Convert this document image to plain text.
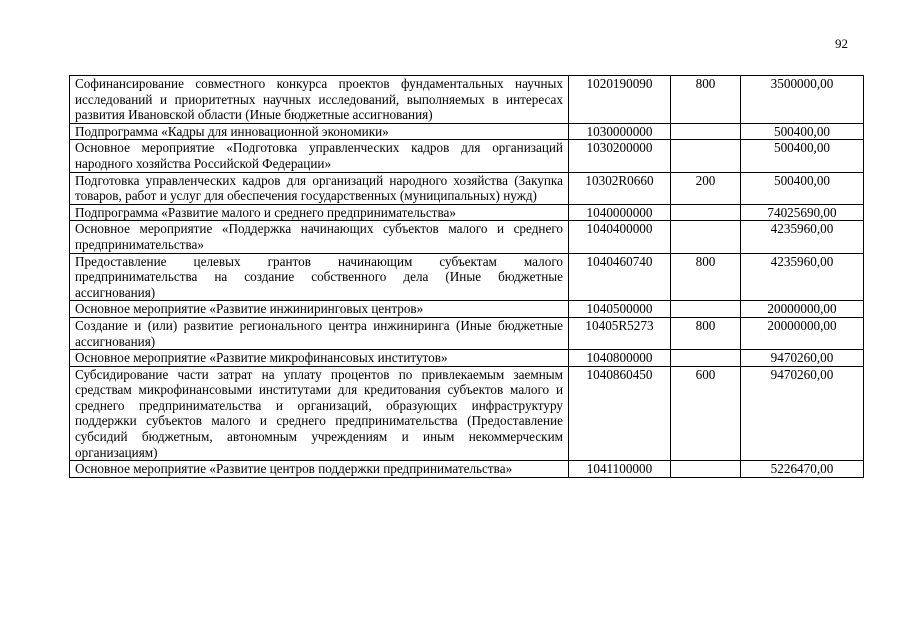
92
Софинансирование совместного конкурса проектов фундаментальных научных исследований и приоритетных научных исследований, выполняемых в интересах развития Ивановской области (Иные бюджетные ассигнования)	1020190090	800	3500000,00
Подпрограмма «Кадры для инновационной экономики»	1030000000		500400,00
Основное мероприятие «Подготовка управленческих кадров для организаций народного хозяйства Российской Федерации»	1030200000		500400,00
Подготовка управленческих кадров для организаций народного хозяйства (Закупка товаров, работ и услуг для обеспечения государственных (муниципальных) нужд)	10302R0660	200	500400,00
Подпрограмма «Развитие малого и среднего предпринимательства»	1040000000		74025690,00
Основное мероприятие «Поддержка начинающих субъектов малого и среднего предпринимательства»	1040400000		4235960,00
Предоставление целевых грантов начинающим субъектам малого предпринимательства на создание собственного дела (Иные бюджетные ассигнования)	1040460740	800	4235960,00
Основное мероприятие «Развитие инжиниринговых центров»	1040500000		20000000,00
Создание и (или) развитие регионального центра инжиниринга (Иные бюджетные ассигнования)	10405R5273	800	20000000,00
Основное мероприятие «Развитие микрофинансовых институтов»	1040800000		9470260,00
Субсидирование части затрат на уплату процентов по привлекаемым заемным средствам микрофинансовыми институтами для кредитования субъектов малого и среднего предпринимательства и организаций, образующих инфраструктуру поддержки субъектов малого и среднего предпринимательства (Предоставление субсидий бюджетным, автономным учреждениям и иным некоммерческим организациям)	1040860450	600	9470260,00
Основное мероприятие «Развитие центров поддержки предпринимательства»	1041100000		5226470,00
